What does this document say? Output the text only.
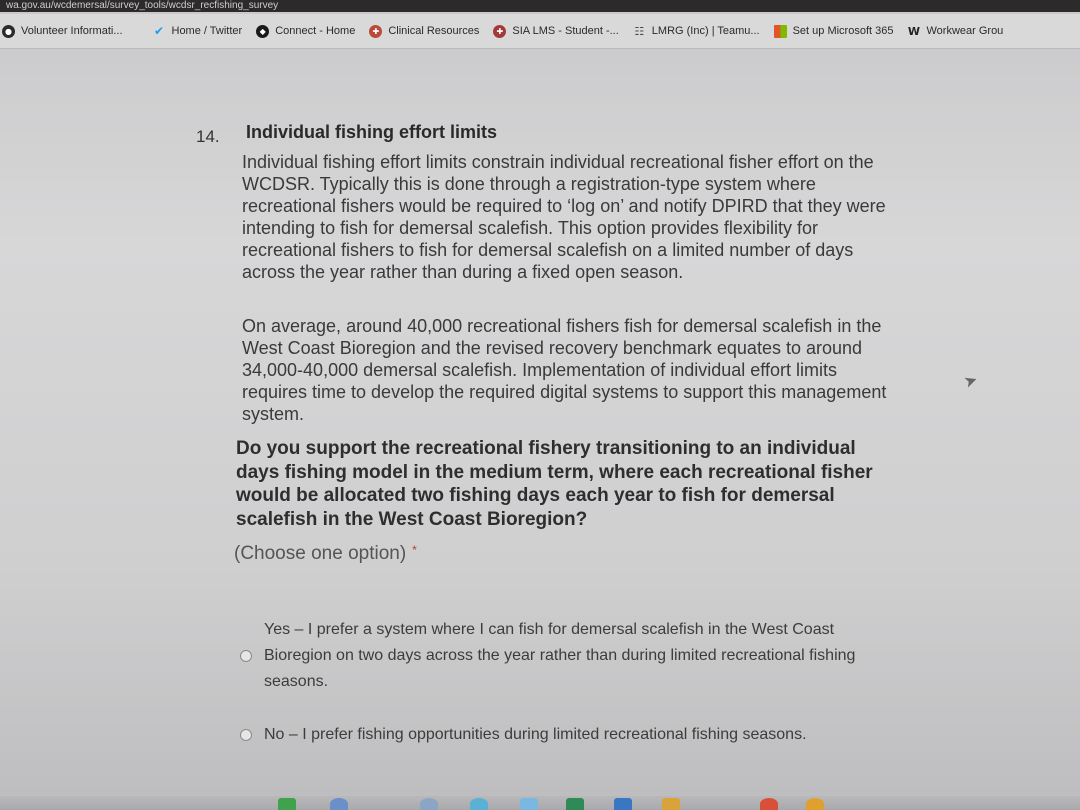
wa.gov.au/wcdemersal/survey_tools/wcdsr_recfishing_survey
● Volunteer Informati...	✔ Home / Twitter	◆ Connect - Home	✚ Clinical Resources	✚ SIA LMS - Student -... ☷ LMRG (Inc) | Teamu...	Set up Microsoft 365 W Workwear Grou
14. Individual fishing effort limits
Individual fishing effort limits constrain individual recreational fisher effort on the WCDSR. Typically this is done through a registration-type system where recreational fishers would be required to ‘log on’ and notify DPIRD that they were intending to fish for demersal scalefish. This option provides flexibility for recreational fishers to fish for demersal scalefish on a limited number of days across the year rather than during a fixed open season.
On average, around 40,000 recreational fishers fish for demersal scalefish in the West Coast Bioregion and the revised recovery benchmark equates to around 34,000-40,000 demersal scalefish. Implementation of individual effort limits requires time to develop the required digital systems to support this management system.
Do you support the recreational fishery transitioning to an individual days fishing model in the medium term, where each recreational fisher would be allocated two fishing days each year to fish for demersal scalefish in the West Coast Bioregion?
(Choose one option) *
Yes – I prefer a system where I can fish for demersal scalefish in the West Coast Bioregion on two days across the year rather than during limited recreational fishing seasons.
No – I prefer fishing opportunities during limited recreational fishing seasons.
➤
